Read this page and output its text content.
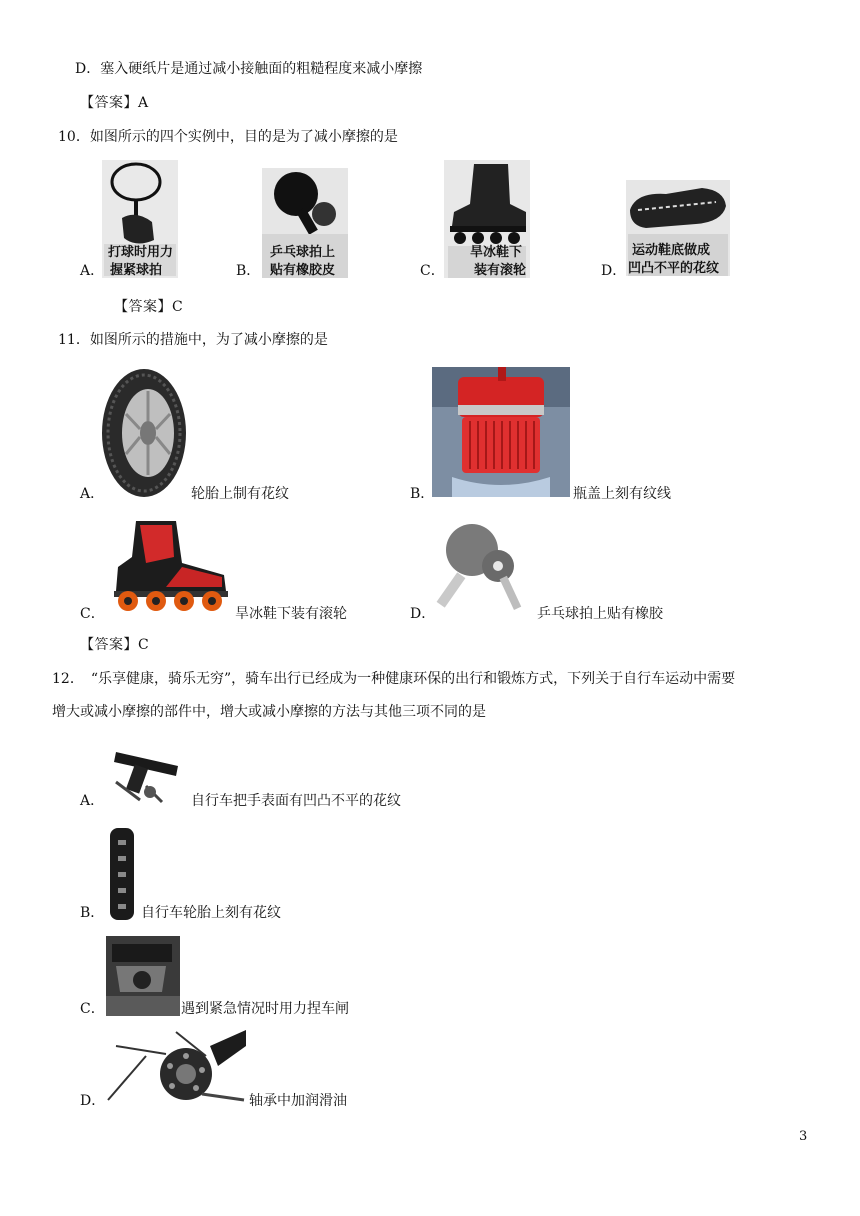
D．塞入硬纸片是通过减小接触面的粗糙程度来减小摩擦
【答案】A
10．如图所示的四个实例中，目的是为了减小摩擦的是
打球时用力
握紧球拍
A．
乒乓球拍上
贴有橡胶皮
B．
旱冰鞋下
装有滚轮
C．
运动鞋底做成
凹凸不平的花纹
D．
【答案】C
11．如图所示的措施中，为了减小摩擦的是
A．	轮胎上制有花纹	B．	瓶盖上刻有纹线
C．	旱冰鞋下装有滚轮	D．	乒乓球拍上贴有橡胶
【答案】C
12．　“乐享健康，骑乐无穷”，骑车出行已经成为一种健康环保的出行和锻炼方式，下列关于自行车运动中需要
增大或减小摩擦的部件中，增大或减小摩擦的方法与其他三项不同的是
A．	自行车把手表面有凹凸不平的花纹
B．	自行车轮胎上刻有花纹
C．	遇到紧急情况时用力捏车闸
D．	轴承中加润滑油
3
